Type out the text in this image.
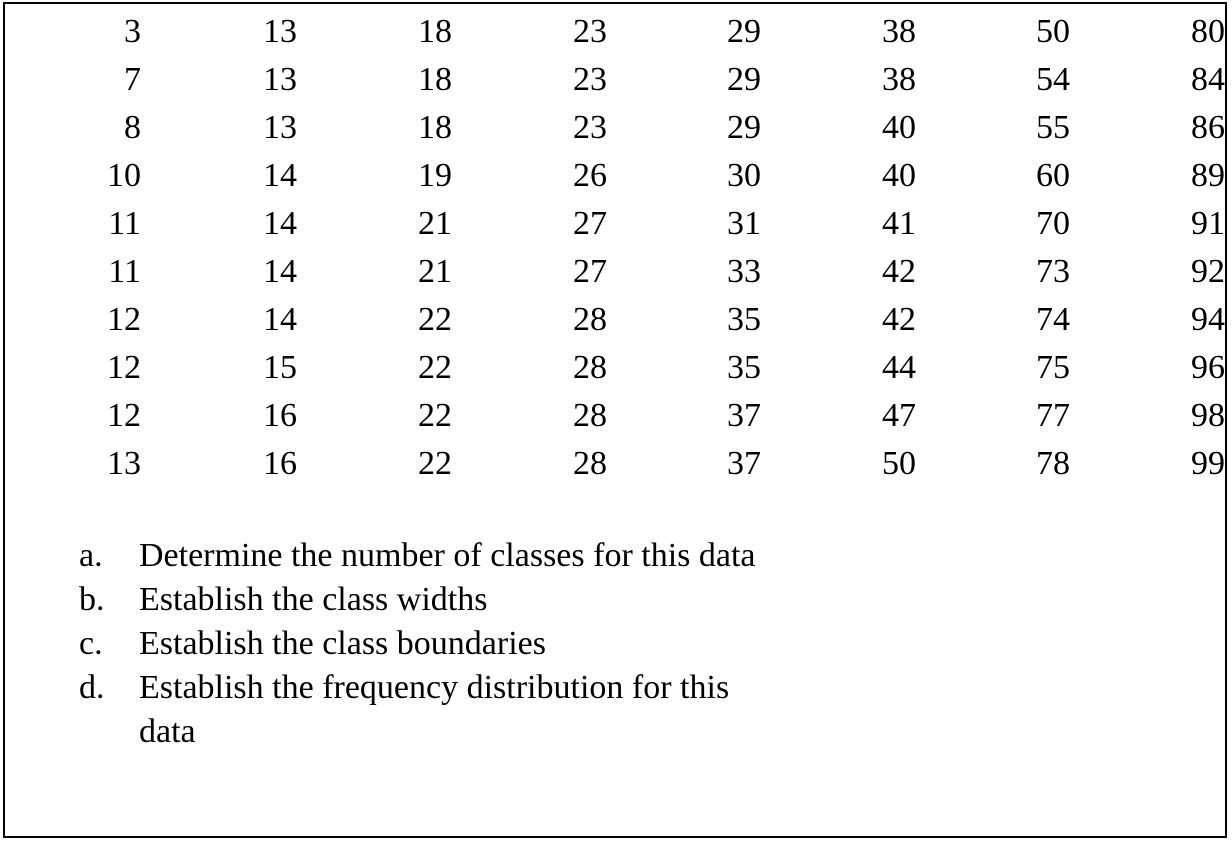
3	13	18	23	29	38	50	80
7	13	18	23	29	38	54	84
8	13	18	23	29	40	55	86
10	14	19	26	30	40	60	89
11	14	21	27	31	41	70	91
11	14	21	27	33	42	73	92
12	14	22	28	35	42	74	94
12	15	22	28	35	44	75	96
12	16	22	28	37	47	77	98
13	16	22	28	37	50	78	99
a.	Determine the number of classes for this data
b.	Establish the class widths
c.	Establish the class boundaries
d.	Establish the frequency distribution for this data
